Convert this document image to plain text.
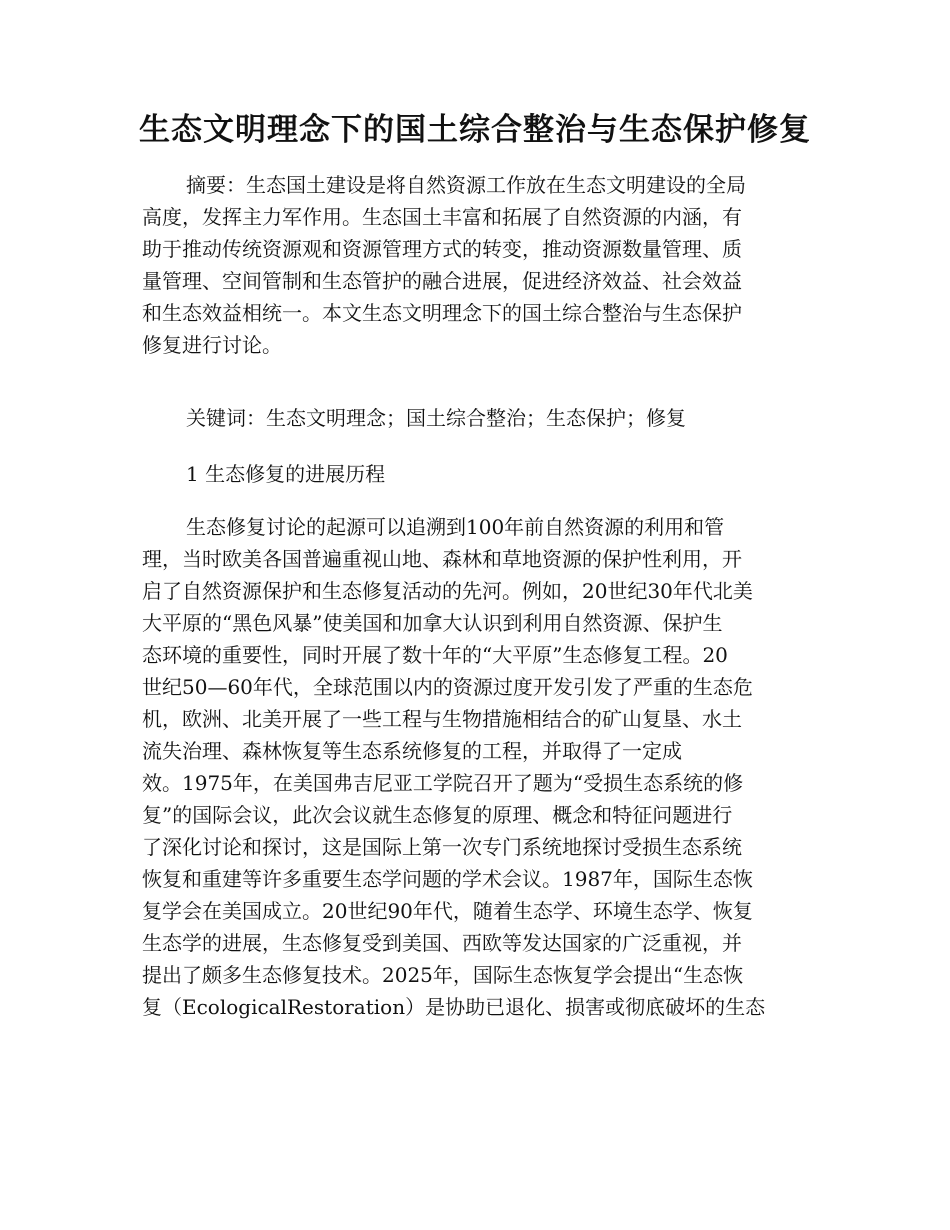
生态文明理念下的国土综合整治与生态保护修复
摘要：生态国土建设是将自然资源工作放在生态文明建设的全局
高度，发挥主力军作用。生态国土丰富和拓展了自然资源的内涵，有
助于推动传统资源观和资源管理方式的转变，推动资源数量管理、质
量管理、空间管制和生态管护的融合进展，促进经济效益、社会效益
和生态效益相统一。本文生态文明理念下的国土综合整治与生态保护
修复进行讨论。
关键词：生态文明理念；国土综合整治；生态保护；修复
1 生态修复的进展历程
生态修复讨论的起源可以追溯到100年前自然资源的利用和管
理，当时欧美各国普遍重视山地、森林和草地资源的保护性利用，开
启了自然资源保护和生态修复活动的先河。例如，20世纪30年代北美
大平原的“黑色风暴”使美国和加拿大认识到利用自然资源、保护生
态环境的重要性，同时开展了数十年的“大平原”生态修复工程。20
世纪50—60年代，全球范围以内的资源过度开发引发了严重的生态危
机，欧洲、北美开展了一些工程与生物措施相结合的矿山复垦、水土
流失治理、森林恢复等生态系统修复的工程，并取得了一定成
效。1975年，在美国弗吉尼亚工学院召开了题为“受损生态系统的修
复”的国际会议，此次会议就生态修复的原理、概念和特征问题进行
了深化讨论和探讨，这是国际上第一次专门系统地探讨受损生态系统
恢复和重建等许多重要生态学问题的学术会议。1987年，国际生态恢
复学会在美国成立。20世纪90年代，随着生态学、环境生态学、恢复
生态学的进展，生态修复受到美国、西欧等发达国家的广泛重视，并
提出了颇多生态修复技术。2025年，国际生态恢复学会提出“生态恢
复（EcologicalRestoration）是协助已退化、损害或彻底破坏的生态
